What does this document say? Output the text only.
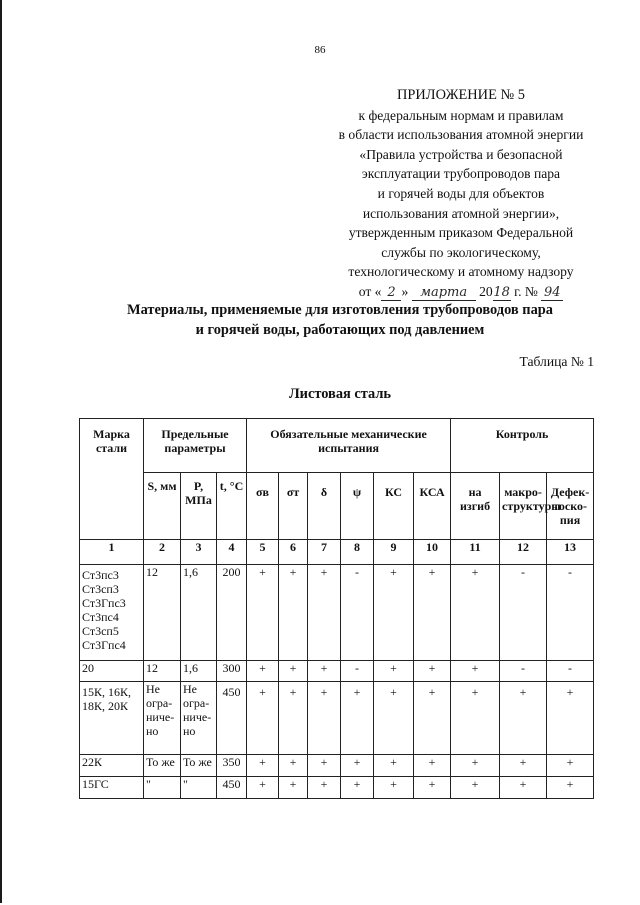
86
ПРИЛОЖЕНИЕ № 5
к федеральным нормам и правилам
в области использования атомной энергии
«Правила устройства и безопасной
эксплуатации трубопроводов пара
и горячей воды для объектов
использования атомной энергии»,
утвержденным приказом Федеральной
службы по экологическому,
технологическому и атомному надзору
от « 2 » марта 2018 г. № 94
Материалы, применяемые для изготовления трубопроводов пара
и горячей воды, работающих под давлением
Таблица № 1
Листовая сталь
Марка стали	Предельные параметры			Обязательные механические испытания						Контроль		
	S, мм	P, МПа	t, °С									
				σв	σт	δ	ψ	КС	КСА	на изгиб	макро-структуры	Дефек-тоско-пия
1	2	3	4	5	6	7	8	9	10	11	12	13
Ст3пс3 Ст3сп3 Ст3Гпс3 Ст3пс4 Ст3сп5 Ст3Гпс4	12	1,6	200	+	+	+	-	+	+	+	-	-
20	12	1,6	300	+	+	+	-	+	+	+	-	-
15К, 16К, 18К, 20К	Не огра-ниче-но	Не огра-ниче-но	450	+	+	+	+	+	+	+	+	+
22К	То же	То же	350	+	+	+	+	+	+	+	+	+
15ГС	"	"	450	+	+	+	+	+	+	+	+	+
